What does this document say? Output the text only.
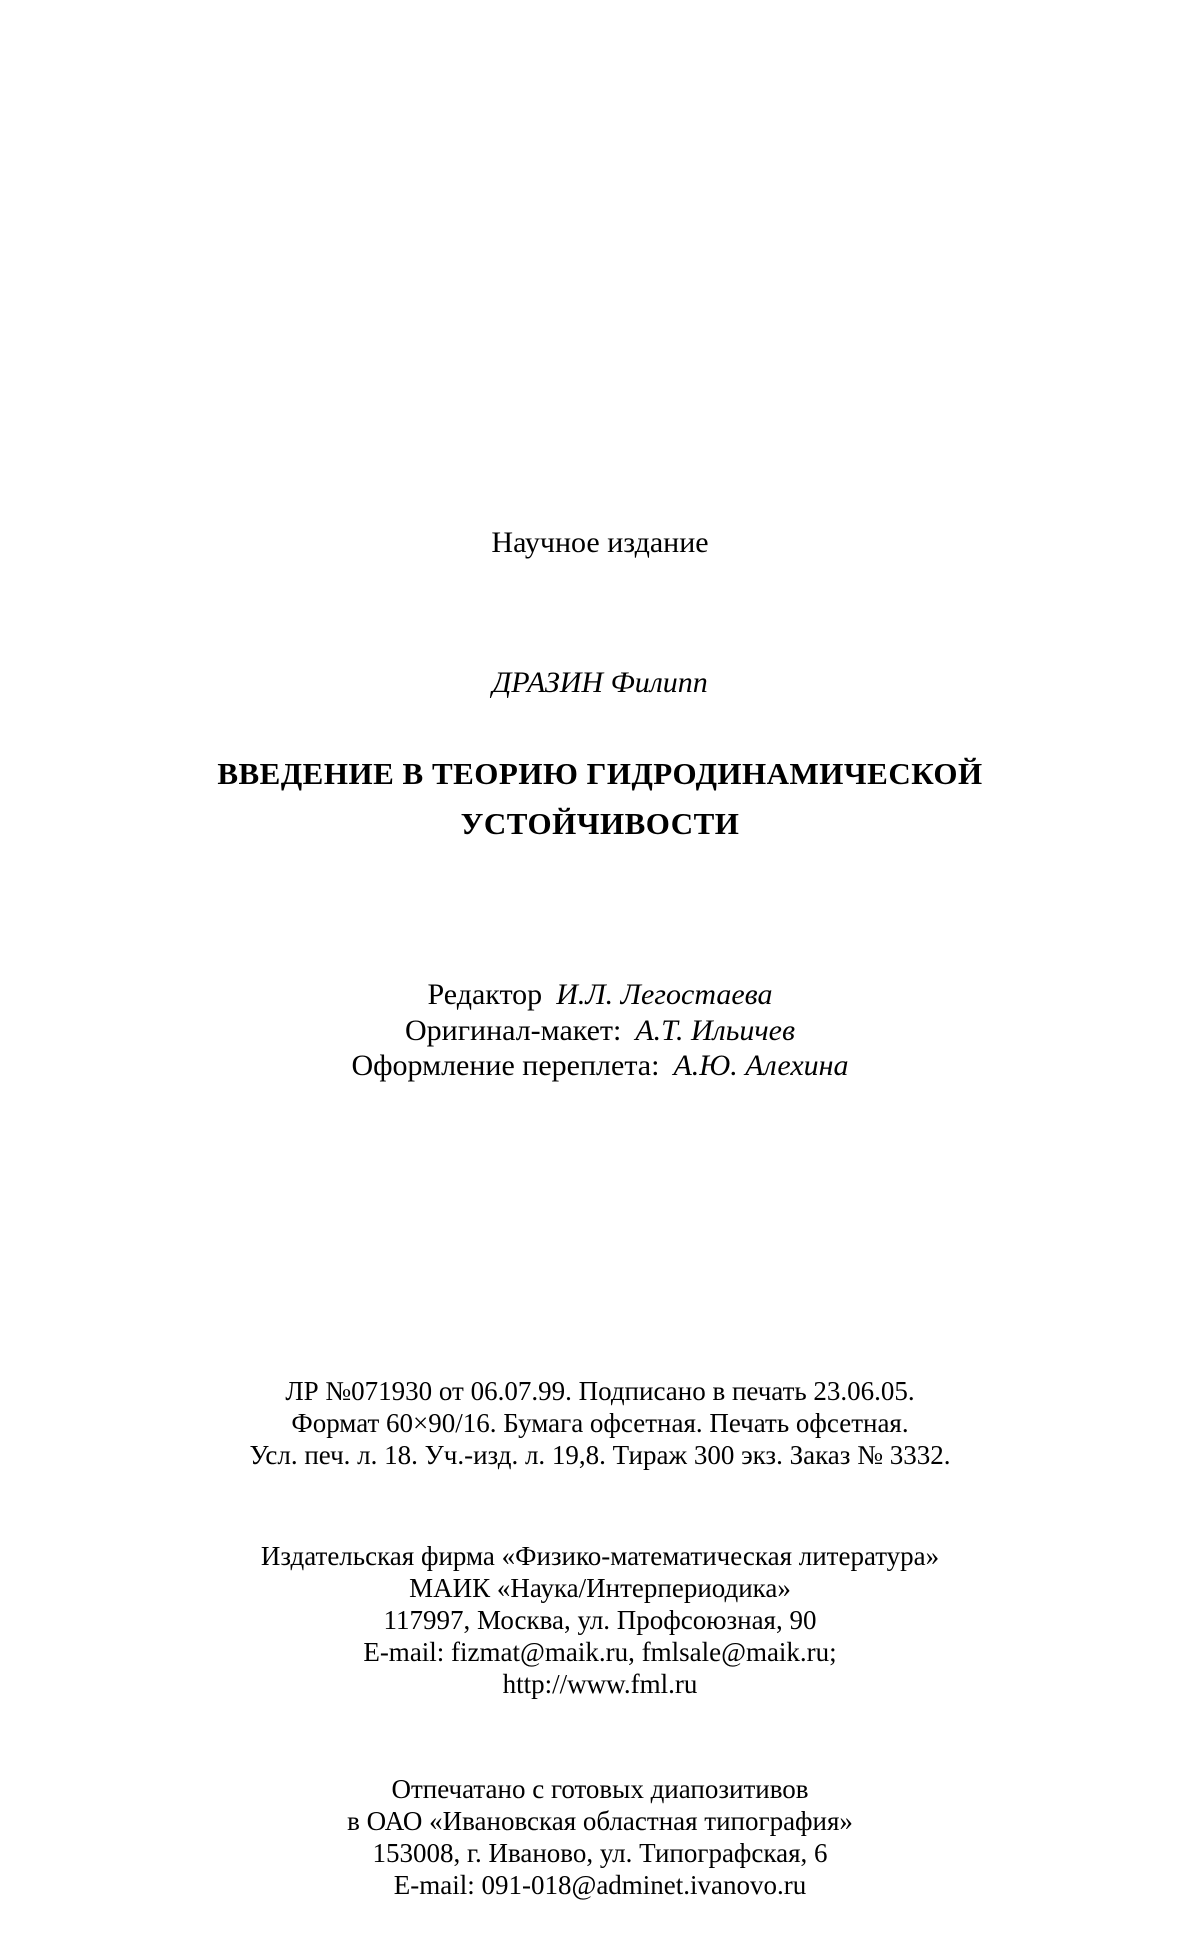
Научное издание
ДРАЗИН Филипп
ВВЕДЕНИЕ В ТЕОРИЮ ГИДРОДИНАМИЧЕСКОЙ
УСТОЙЧИВОСТИ
Редактор И.Л. Легостаева
Оригинал-макет: А.Т. Ильичев
Оформление переплета: А.Ю. Алехина
ЛР №071930 от 06.07.99. Подписано в печать 23.06.05.
Формат 60×90/16. Бумага офсетная. Печать офсетная.
Усл. печ. л. 18. Уч.-изд. л. 19,8. Тираж 300 экз. Заказ № 3332.
Издательская фирма «Физико-математическая литература»
МАИК «Наука/Интерпериодика»
117997, Москва, ул. Профсоюзная, 90
E-mail: fizmat@maik.ru, fmlsale@maik.ru;
http://www.fml.ru
Отпечатано с готовых диапозитивов
в ОАО «Ивановская областная типография»
153008, г. Иваново, ул. Типографская, 6
E-mail: 091-018@adminet.ivanovo.ru
